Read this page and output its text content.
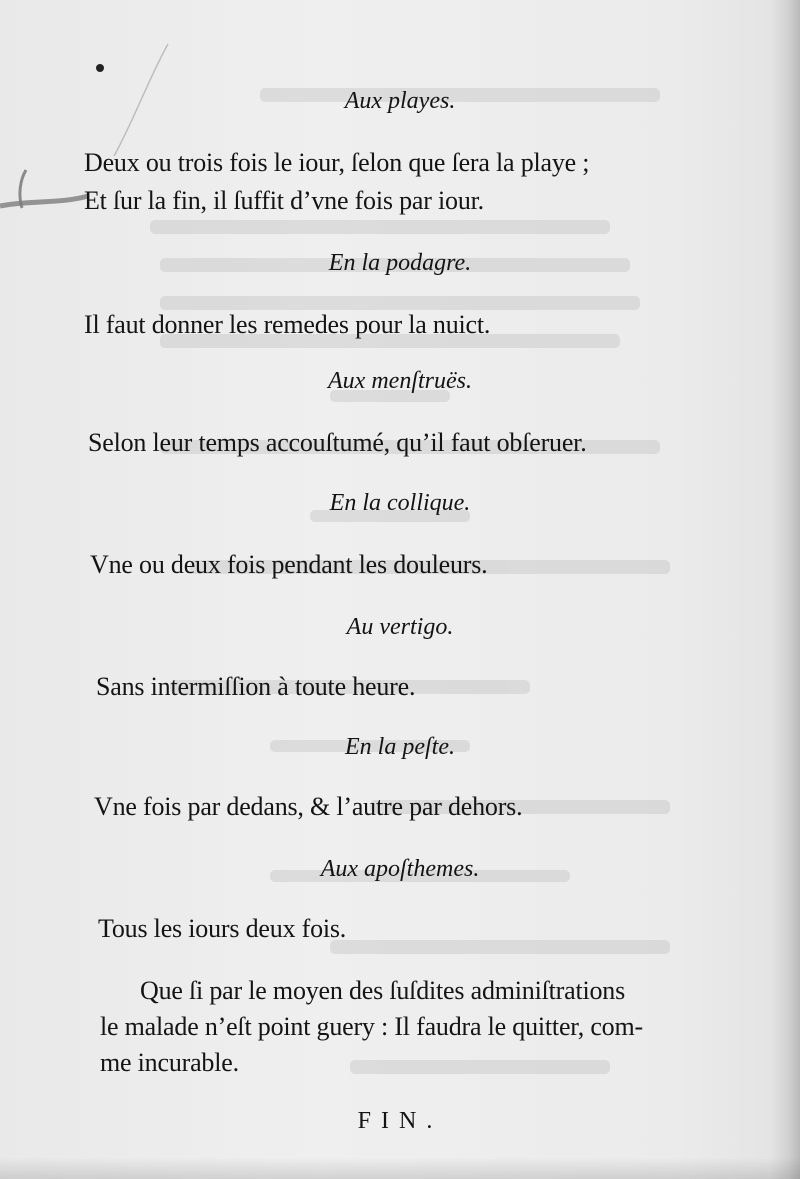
Aux playes.
Deux ou trois fois le iour, ſelon que ſera la playe ;
Et ſur la fin, il ſuffit d’vne fois par iour.
En la podagre.
Il faut donner les remedes pour la nuict.
Aux menſtruës.
Selon leur temps accouſtumé, qu’il faut obſeruer.
En la collique.
Vne ou deux fois pendant les douleurs.
Au vertigo.
Sans intermiſſion à toute heure.
En la peſte.
Vne fois par dedans, & l’autre par dehors.
Aux apoſthemes.
Tous les iours deux fois.
Que ſi par le moyen des ſuſdites adminiſtrations
le malade n’eſt point guery : Il faudra le quitter, com-
me incurable.
FIN.
